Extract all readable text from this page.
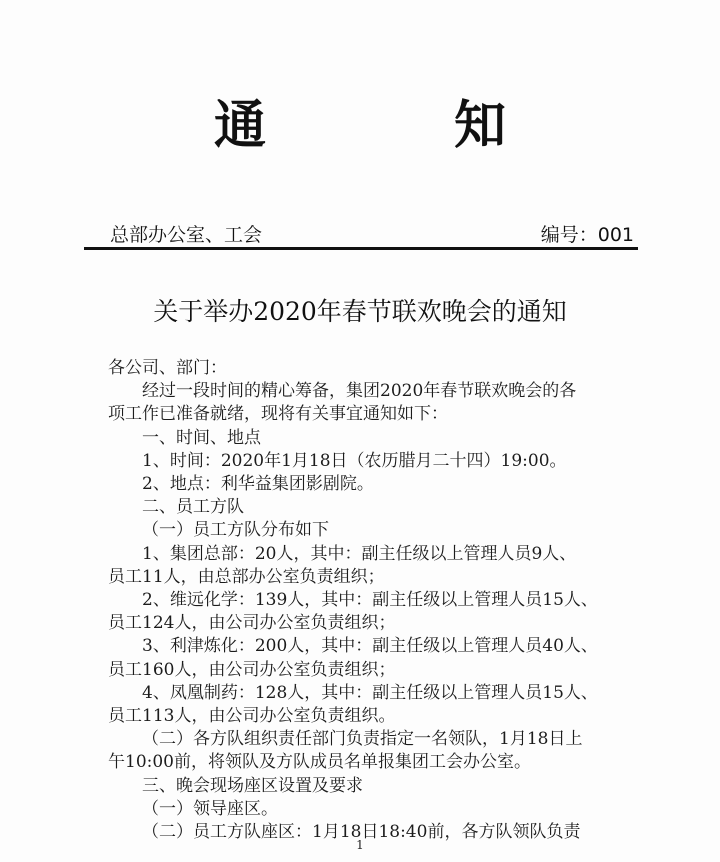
通	知
总部办公室、工会	编号：001
关于举办2020年春节联欢晚会的通知
各公司、部门：
经过一段时间的精心筹备，集团2020年春节联欢晚会的各
项工作已准备就绪，现将有关事宜通知如下：
一、时间、地点
1、时间：2020年1月18日（农历腊月二十四）19:00。
2、地点：利华益集团影剧院。
二、员工方队
（一）员工方队分布如下
1、集团总部：20人，其中：副主任级以上管理人员9人、
员工11人，由总部办公室负责组织；
2、维远化学：139人，其中：副主任级以上管理人员15人、
员工124人，由公司办公室负责组织；
3、利津炼化：200人，其中：副主任级以上管理人员40人、
员工160人，由公司办公室负责组织；
4、凤凰制药：128人，其中：副主任级以上管理人员15人、
员工113人，由公司办公室负责组织。
（二）各方队组织责任部门负责指定一名领队，1月18日上
午10:00前，将领队及方队成员名单报集团工会办公室。
三、晚会现场座区设置及要求
（一）领导座区。
（二）员工方队座区：1月18日18:40前，各方队领队负责
1
